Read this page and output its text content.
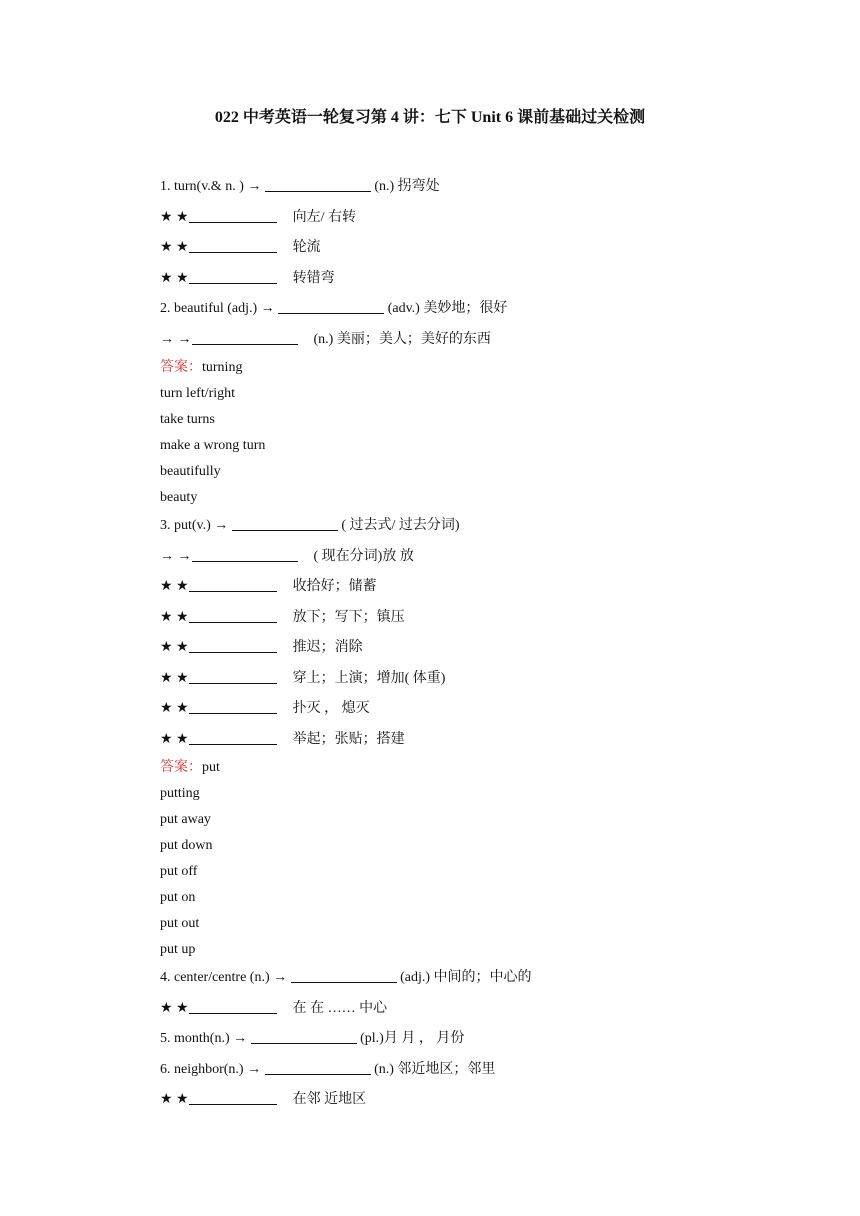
022 中考英语一轮复习第 4 讲：七下 Unit 6 课前基础过关检测
1. turn(v.& n. ) →	(n.) 拐弯处
★ ★	向左/ 右转
★ ★	轮流
★ ★	转错弯
2. beautiful (adj.) →	(adv.) 美妙地；很好
→ →	(n.) 美丽；美人；美好的东西
答案：turning
turn left/right
take turns
make a wrong turn
beautifully
beauty
3. put(v.) →	( 过去式/ 过去分词)
→ →	( 现在分词)放 放
★ ★	收拾好；储蓄
★ ★	放下；写下；镇压
★ ★	推迟；消除
★ ★	穿上；上演；增加( 体重)
★ ★	扑灭 ， 熄灭
★ ★	举起；张贴；搭建
答案：put
putting
put away
put down
put off
put on
put out
put up
4. center/centre (n.) →	(adj.) 中间的；中心的
★ ★	在 在 …… 中心
5. month(n.) →	(pl.)月 月 ， 月份
6. neighbor(n.) →	(n.) 邻近地区；邻里
★ ★	在邻 近地区
